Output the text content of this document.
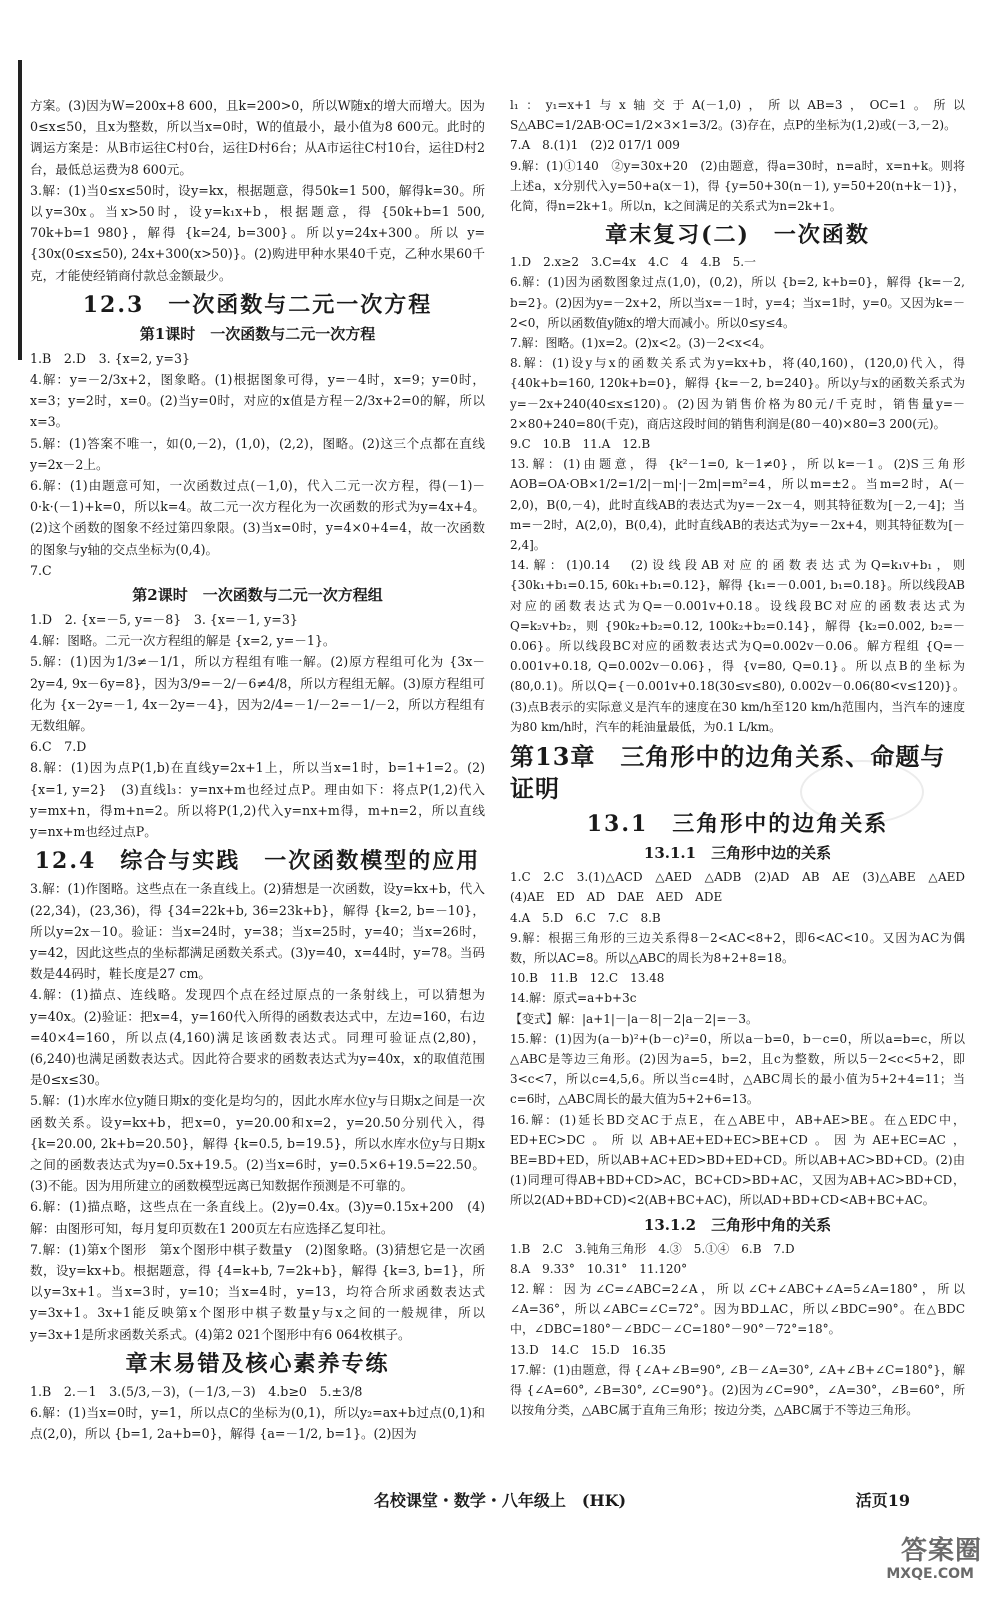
方案。(3)因为W=200x+8 600，且k=200>0，所以W随x的增大而增大。因为0≤x≤50，且x为整数，所以当x=0时，W的值最小，最小值为8 600元。此时的调运方案是：从B市运往C村0台，运往D村6台；从A市运往C村10台，运往D村2台，最低总运费为8 600元。
3.解：(1)当0≤x≤50时，设y=kx，根据题意，得50k=1 500，解得k=30。所以y=30x。当x>50时，设y=k₁x+b，根据题意，得 {50k+b=1 500, 70k+b=1 980}，解得 {k=24, b=300}。所以y=24x+300。所以 y={30x(0≤x≤50), 24x+300(x>50)}。(2)购进甲种水果40千克，乙种水果60千克，才能使经销商付款总金额最少。
12.3　一次函数与二元一次方程
第1课时　一次函数与二元一次方程
1.B　2.D　3. {x=2, y=3}
4.解：y=－2/3x+2，图象略。(1)根据图象可得，y=－4时，x=9；y=0时，x=3；y=2时，x=0。(2)当y=0时，对应的x值是方程－2/3x+2=0的解，所以x=3。
5.解：(1)答案不唯一，如(0,－2)，(1,0)，(2,2)，图略。(2)这三个点都在直线y=2x－2上。
6.解：(1)由题意可知，一次函数过点(－1,0)，代入二元一次方程，得(－1)－0·k·(－1)+k=0，所以k=4。故二元一次方程化为一次函数的形式为y=4x+4。(2)这个函数的图象不经过第四象限。(3)当x=0时，y=4×0+4=4，故一次函数的图象与y轴的交点坐标为(0,4)。
7.C
第2课时　一次函数与二元一次方程组
1.D　2. {x=－5, y=－8}　3. {x=－1, y=3}
4.解：图略。二元一次方程组的解是 {x=2, y=－1}。
5.解：(1)因为1/3≠－1/1，所以方程组有唯一解。(2)原方程组可化为 {3x－2y=4, 9x－6y=8}，因为3/9=－2/－6≠4/8，所以方程组无解。(3)原方程组可化为 {x－2y=－1, 4x－2y=－4}，因为2/4=－1/－2=－1/－2，所以方程组有无数组解。
6.C　7.D
8.解：(1)因为点P(1,b)在直线y=2x+1上，所以当x=1时，b=1+1=2。(2) {x=1, y=2}　(3)直线l₃：y=nx+m也经过点P。理由如下：将点P(1,2)代入y=mx+n，得m+n=2。所以将P(1,2)代入y=nx+m得，m+n=2，所以直线y=nx+m也经过点P。
12.4　综合与实践　一次函数模型的应用
3.解：(1)作图略。这些点在一条直线上。(2)猜想是一次函数，设y=kx+b，代入(22,34)，(23,36)，得 {34=22k+b, 36=23k+b}，解得 {k=2, b=－10}，所以y=2x－10。验证：当x=24时，y=38；当x=25时，y=40；当x=26时，y=42，因此这些点的坐标都满足函数关系式。(3)y=40，x=44时，y=78。当码数是44码时，鞋长度是27 cm。
4.解：(1)描点、连线略。发现四个点在经过原点的一条射线上，可以猜想为y=40x。(2)验证：把x=4，y=160代入所得的函数表达式中，左边=160，右边=40×4=160，所以点(4,160)满足该函数表达式。同理可验证点(2,80)，(6,240)也满足函数表达式。因此符合要求的函数表达式为y=40x，x的取值范围是0≤x≤30。
5.解：(1)水库水位y随日期x的变化是均匀的，因此水库水位y与日期x之间是一次函数关系。设y=kx+b，把x=0，y=20.00和x=2，y=20.50分别代入，得 {k=20.00, 2k+b=20.50}，解得 {k=0.5, b=19.5}，所以水库水位y与日期x之间的函数表达式为y=0.5x+19.5。(2)当x=6时，y=0.5×6+19.5=22.50。(3)不能。因为用所建立的函数模型远离已知数据作预测是不可靠的。
6.解：(1)描点略，这些点在一条直线上。(2)y=0.4x。(3)y=0.15x+200　(4)解：由图形可知，每月复印页数在1 200页左右应选择乙复印社。
7.解：(1)第x个图形　第x个图形中棋子数量y　(2)图象略。(3)猜想它是一次函数，设y=kx+b。根据题意，得 {4=k+b, 7=2k+b}，解得 {k=3, b=1}，所以y=3x+1。当x=3时，y=10；当x=4时，y=13，均符合所求函数表达式y=3x+1。3x+1能反映第x个图形中棋子数量y与x之间的一般规律，所以y=3x+1是所求函数关系式。(4)第2 021个图形中有6 064枚棋子。
章末易错及核心素养专练
1.B　2.－1　3.(5/3,－3)，(－1/3,－3)　4.b≥0　5.±3/8
6.解：(1)当x=0时，y=1，所以点C的坐标为(0,1)，所以y₂=ax+b过点(0,1)和点(2,0)，所以 {b=1, 2a+b=0}，解得 {a=－1/2, b=1}。(2)因为
l₁：y₁=x+1与x轴交于A(－1,0)，所以AB=3，OC=1。所以S△ABC=1/2AB·OC=1/2×3×1=3/2。(3)存在，点P的坐标为(1,2)或(－3,－2)。
7.A　8.(1)1　(2)2 017/1 009
9.解：(1)①140　②y=30x+20　(2)由题意，得a=30时，n=a时，x=n+k。则将上述a，x分别代入y=50+a(x－1)，得 {y=50+30(n－1), y=50+20(n+k－1)}，化简，得n=2k+1。所以n，k之间满足的关系式为n=2k+1。
章末复习(二)　一次函数
1.D　2.x≥2　3.C=4x　4.C　4　4.B　5.一
6.解：(1)因为函数图象过点(1,0)，(0,2)，所以 {b=2, k+b=0}，解得 {k=－2, b=2}。(2)因为y=－2x+2，所以当x=－1时，y=4；当x=1时，y=0。又因为k=－2<0，所以函数值y随x的增大而减小。所以0≤y≤4。
7.解：图略。(1)x=2。(2)x<2。(3)－2<x<4。
8.解：(1)设y与x的函数关系式为y=kx+b，将(40,160)，(120,0)代入，得 {40k+b=160, 120k+b=0}，解得 {k=－2, b=240}。所以y与x的函数关系式为y=－2x+240(40≤x≤120)。(2)因为销售价格为80元/千克时，销售量y=－2×80+240=80(千克)，商店这段时间的销售利润是(80－40)×80=3 200(元)。
9.C　10.B　11.A　12.B
13.解：(1)由题意，得 {k²－1=0, k－1≠0}，所以k=－1。(2)S三角形AOB=OA·OB×1/2=1/2|－m|·|－2m|=m²=4，所以m=±2。当m=2时，A(－2,0)，B(0,－4)，此时直线AB的表达式为y=－2x－4，则其特征数为[－2,－4]；当m=－2时，A(2,0)，B(0,4)，此时直线AB的表达式为y=－2x+4，则其特征数为[－2,4]。
14.解：(1)0.14　(2)设线段AB对应的函数表达式为Q=k₁v+b₁，则 {30k₁+b₁=0.15, 60k₁+b₁=0.12}，解得 {k₁=－0.001, b₁=0.18}。所以线段AB对应的函数表达式为Q=－0.001v+0.18。设线段BC对应的函数表达式为Q=k₂v+b₂，则 {90k₂+b₂=0.12, 100k₂+b₂=0.14}，解得 {k₂=0.002, b₂=－0.06}。所以线段BC对应的函数表达式为Q=0.002v－0.06。解方程组 {Q=－0.001v+0.18, Q=0.002v－0.06}，得 {v=80, Q=0.1}。所以点B的坐标为(80,0.1)。所以Q={－0.001v+0.18(30≤v≤80), 0.002v－0.06(80<v≤120)}。(3)点B表示的实际意义是汽车的速度在30 km/h至120 km/h范围内，当汽车的速度为80 km/h时，汽车的耗油量最低，为0.1 L/km。
第13章　三角形中的边角关系、命题与证明
13.1　三角形中的边角关系
13.1.1　三角形中边的关系
1.C　2.C　3.(1)△ACD　△AED　△ADB　(2)AD　AB　AE　(3)△ABE　△AED　(4)AE　ED　AD　DAE　AED　ADE
4.A　5.D　6.C　7.C　8.B
9.解：根据三角形的三边关系得8－2<AC<8+2，即6<AC<10。又因为AC为偶数，所以AC=8。所以△ABC的周长为8+2+8=18。
10.B　11.B　12.C　13.48
14.解：原式=a+b+3c
【变式】解：|a+1|－|a－8|－2|a－2|=－3。
15.解：(1)因为(a－b)²+(b－c)²=0，所以a－b=0，b－c=0，所以a=b=c，所以△ABC是等边三角形。(2)因为a=5，b=2，且c为整数，所以5－2<c<5+2，即3<c<7，所以c=4,5,6。所以当c=4时，△ABC周长的最小值为5+2+4=11；当c=6时，△ABC周长的最大值为5+2+6=13。
16.解：(1)延长BD交AC于点E，在△ABE中，AB+AE>BE。在△EDC中，ED+EC>DC。所以AB+AE+ED+EC>BE+CD。因为AE+EC=AC，BE=BD+ED，所以AB+AC+ED>BD+ED+CD。所以AB+AC>BD+CD。(2)由(1)同理可得AB+BD+CD>AC，BC+CD>BD+AC，又因为AB+AC>BD+CD，所以2(AD+BD+CD)<2(AB+BC+AC)，所以AD+BD+CD<AB+BC+AC。
13.1.2　三角形中角的关系
1.B　2.C　3.钝角三角形　4.③　5.①④　6.B　7.D
8.A　9.33°　10.31°　11.120°
12.解：因为∠C=∠ABC=2∠A，所以∠C+∠ABC+∠A=5∠A=180°，所以∠A=36°，所以∠ABC=∠C=72°。因为BD⊥AC，所以∠BDC=90°。在△BDC中，∠DBC=180°－∠BDC－∠C=180°－90°－72°=18°。
13.D　14.C　15.D　16.35
17.解：(1)由题意，得 {∠A+∠B=90°, ∠B－∠A=30°, ∠A+∠B+∠C=180°}，解得 {∠A=60°, ∠B=30°, ∠C=90°}。(2)因为∠C=90°，∠A=30°，∠B=60°，所以按角分类，△ABC属于直角三角形；按边分类，△ABC属于不等边三角形。
名校课堂・数学・八年级上　(HK)	活页19
答案圈
MXQE.COM
